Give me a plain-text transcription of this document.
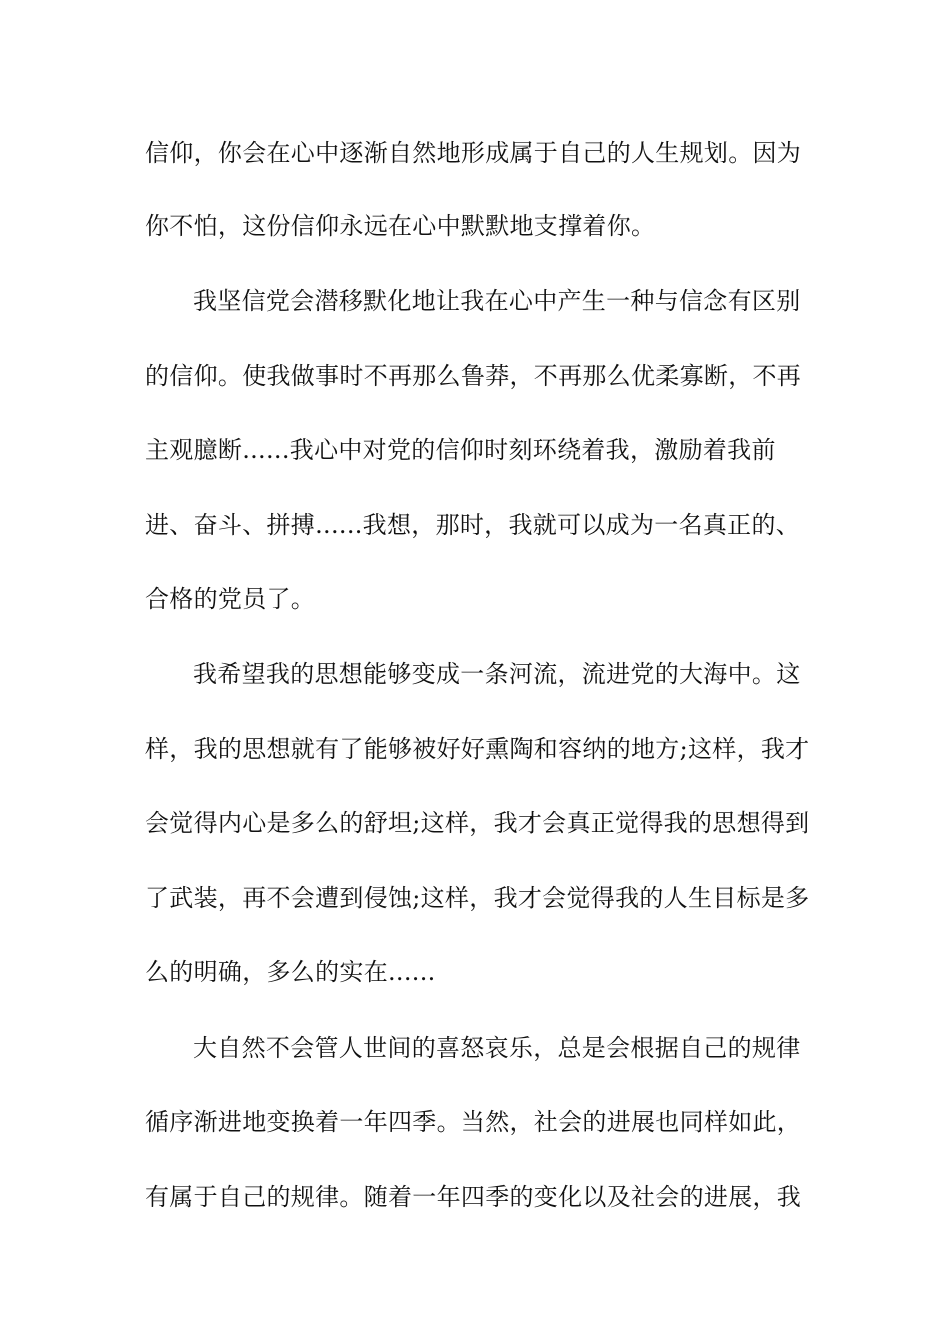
信仰，你会在心中逐渐自然地形成属于自己的人生规划。因为
你不怕，这份信仰永远在心中默默地支撑着你。
我坚信党会潜移默化地让我在心中产生一种与信念有区别
的信仰。使我做事时不再那么鲁莽，不再那么优柔寡断，不再
主观臆断......我心中对党的信仰时刻环绕着我，激励着我前
进、奋斗、拼搏......我想，那时，我就可以成为一名真正的、
合格的党员了。
我希望我的思想能够变成一条河流，流进党的大海中。这
样，我的思想就有了能够被好好熏陶和容纳的地方;这样，我才
会觉得内心是多么的舒坦;这样，我才会真正觉得我的思想得到
了武装，再不会遭到侵蚀;这样，我才会觉得我的人生目标是多
么的明确，多么的实在......
大自然不会管人世间的喜怒哀乐，总是会根据自己的规律
循序渐进地变换着一年四季。当然，社会的进展也同样如此，
有属于自己的规律。随着一年四季的变化以及社会的进展，我
